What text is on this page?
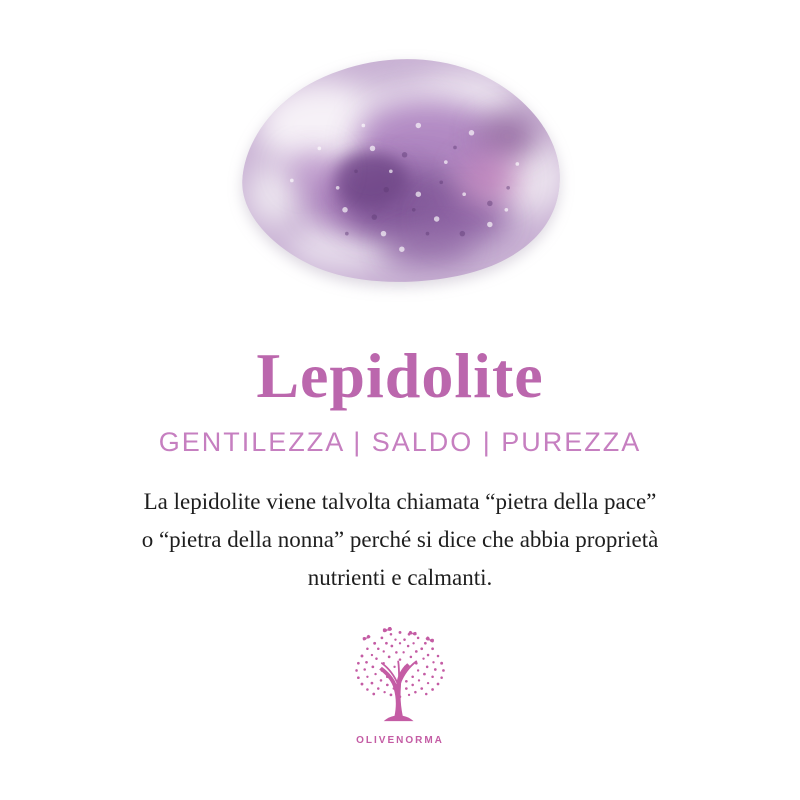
Lepidolite
GENTILEZZA | SALDO | PUREZZA

La lepidolite viene talvolta chiamata “pietra della pace”
o “pietra della nonna” perché si dice che abbia proprietà
nutrienti e calmanti.

OLIVENORMA
